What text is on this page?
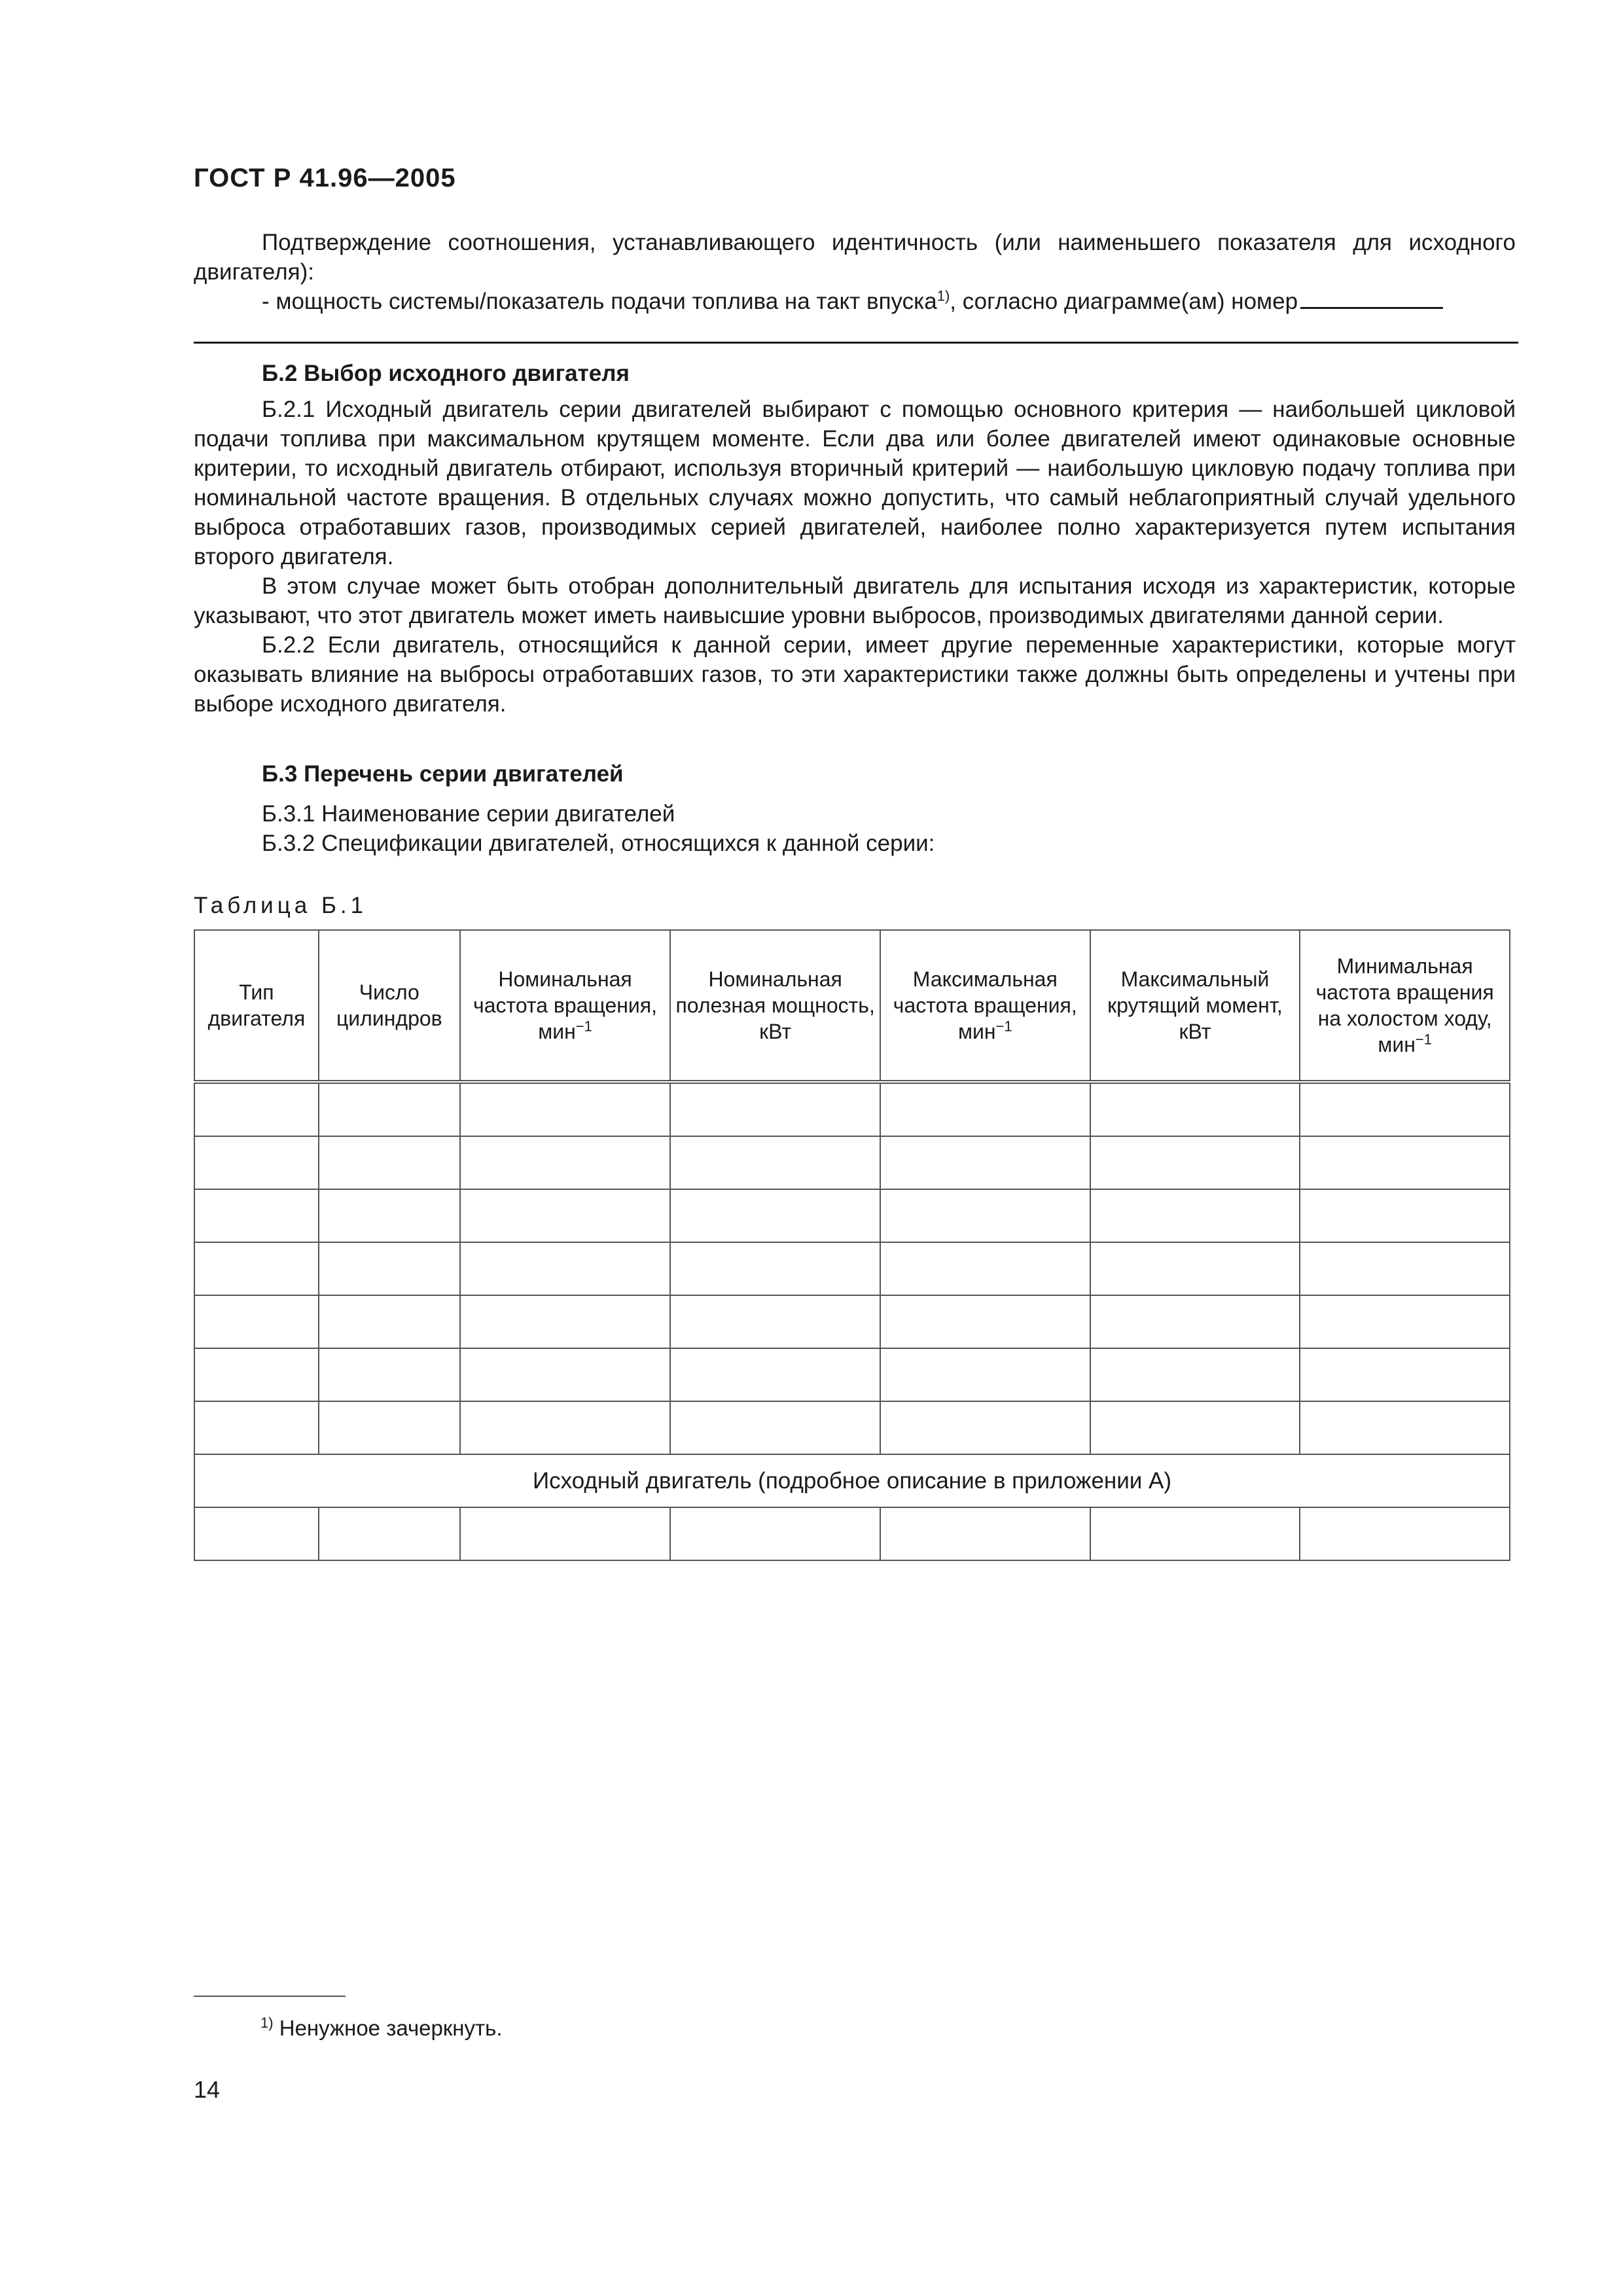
ГОСТ Р 41.96—2005

Подтверждение соотношения, устанавливающего идентичность (или наименьшего показателя для исходного двигателя):

- мощность системы/показатель подачи топлива на такт впуска$^{1)}$, согласно диаграмме(ам) номер

Б.2 Выбор исходного двигателя

Б.2.1 Исходный двигатель серии двигателей выбирают с помощью основного критерия — наибольшей цикловой подачи топлива при максимальном крутящем моменте. Если два или более двигателей имеют одинаковые основные критерии, то исходный двигатель отбирают, используя вторичный критерий — наибольшую цикловую подачу топлива при номинальной частоте вращения. В отдельных случаях можно допустить, что самый неблагоприятный случай удельного выброса отработавших газов, производимых серией двигателей, наиболее полно характеризуется путем испытания второго двигателя.

В этом случае может быть отобран дополнительный двигатель для испытания исходя из характеристик, которые указывают, что этот двигатель может иметь наивысшие уровни выбросов, производимых двигателями данной серии.

Б.2.2 Если двигатель, относящийся к данной серии, имеет другие переменные характеристики, которые могут оказывать влияние на выбросы отработавших газов, то эти характеристики также должны быть определены и учтены при выборе исходного двигателя.

Б.3 Перечень серии двигателей

Б.3.1 Наименование серии двигателей

Б.3.2 Спецификации двигателей, относящихся к данной серии:

Таблица Б.1
Тип двигателя	Число цилиндров	Номинальная частота вращения, мин$^{-1}$	Номинальная полезная мощность, кВт	Максимальная частота вращения, мин$^{-1}$	Максимальный крутящий момент, кВт	Минимальная частота вращения на холостом ходу, мин$^{-1}$

Исходный двигатель (подробное описание в приложении А)						

$^{1)}$ Ненужное зачеркнуть.
14
